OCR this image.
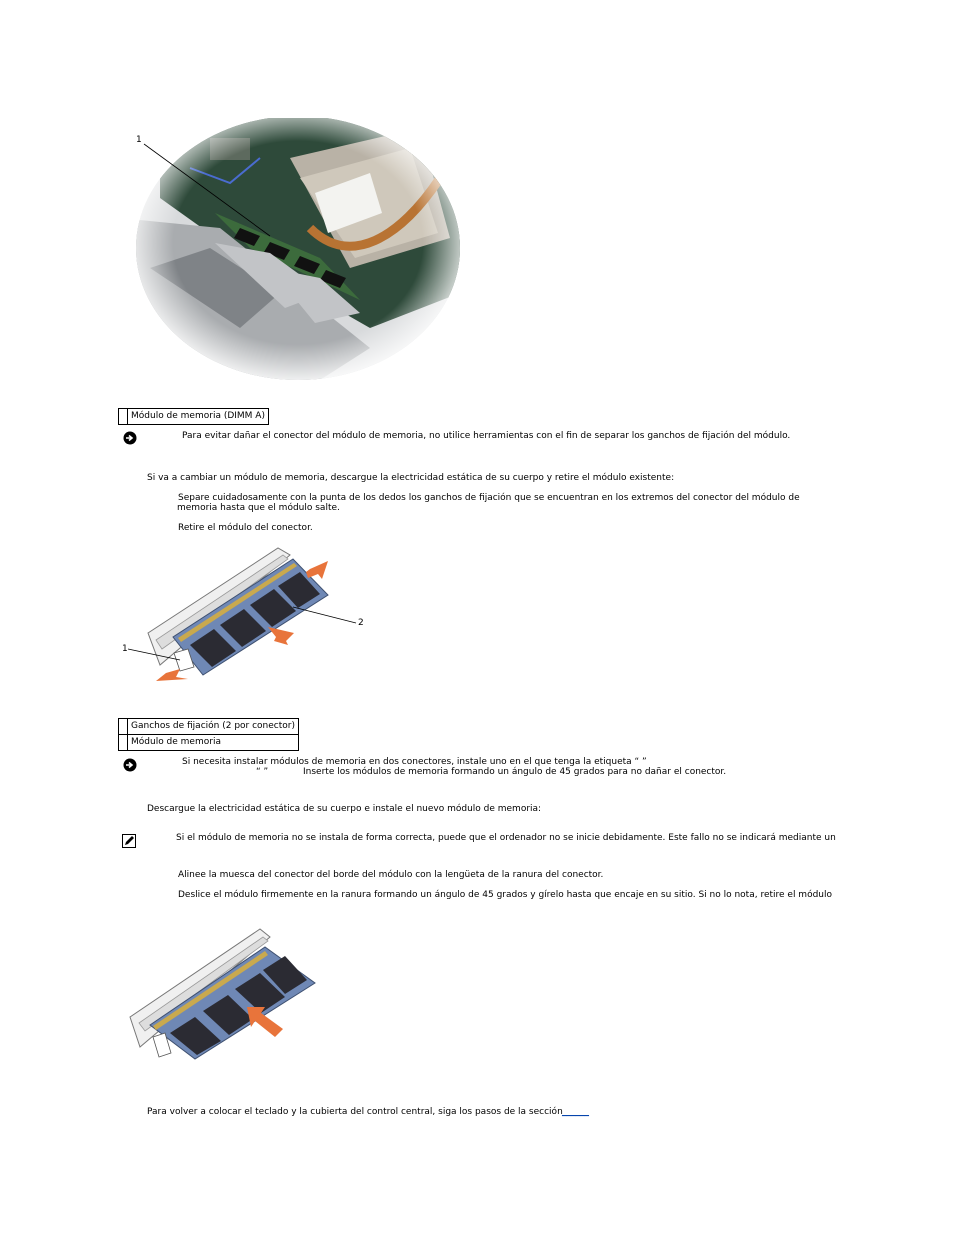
1
	Módulo de memoria (DIMM A)
Para evitar dañar el conector del módulo de memoria, no utilice herramientas con el fin de separar los ganchos de fijación del módulo.
Si va a cambiar un módulo de memoria, descargue la electricidad estática de su cuerpo y retire el módulo existente:
Separe cuidadosamente con la punta de los dedos los ganchos de fijación que se encuentran en los extremos del conector del módulo de
memoria hasta que el módulo salte.
Retire el módulo del conector.
1
2
	Ganchos de fijación (2 por conector)
	Módulo de memoria
Si necesita instalar módulos de memoria en dos conectores, instale uno en el que tenga la etiqueta “ ”
“ ”	Inserte los módulos de memoria formando un ángulo de 45 grados para no dañar el conector.
Descargue la electricidad estática de su cuerpo e instale el nuevo módulo de memoria:
Si el módulo de memoria no se instala de forma correcta, puede que el ordenador no se inicie debidamente. Este fallo no se indicará mediante un
Alinee la muesca del conector del borde del módulo con la lengüeta de la ranura del conector.
Deslice el módulo firmemente en la ranura formando un ángulo de 45 grados y gírelo hasta que encaje en su sitio. Si no lo nota, retire el módulo
Para volver a colocar el teclado y la cubierta del control central, siga los pasos de la sección ______
